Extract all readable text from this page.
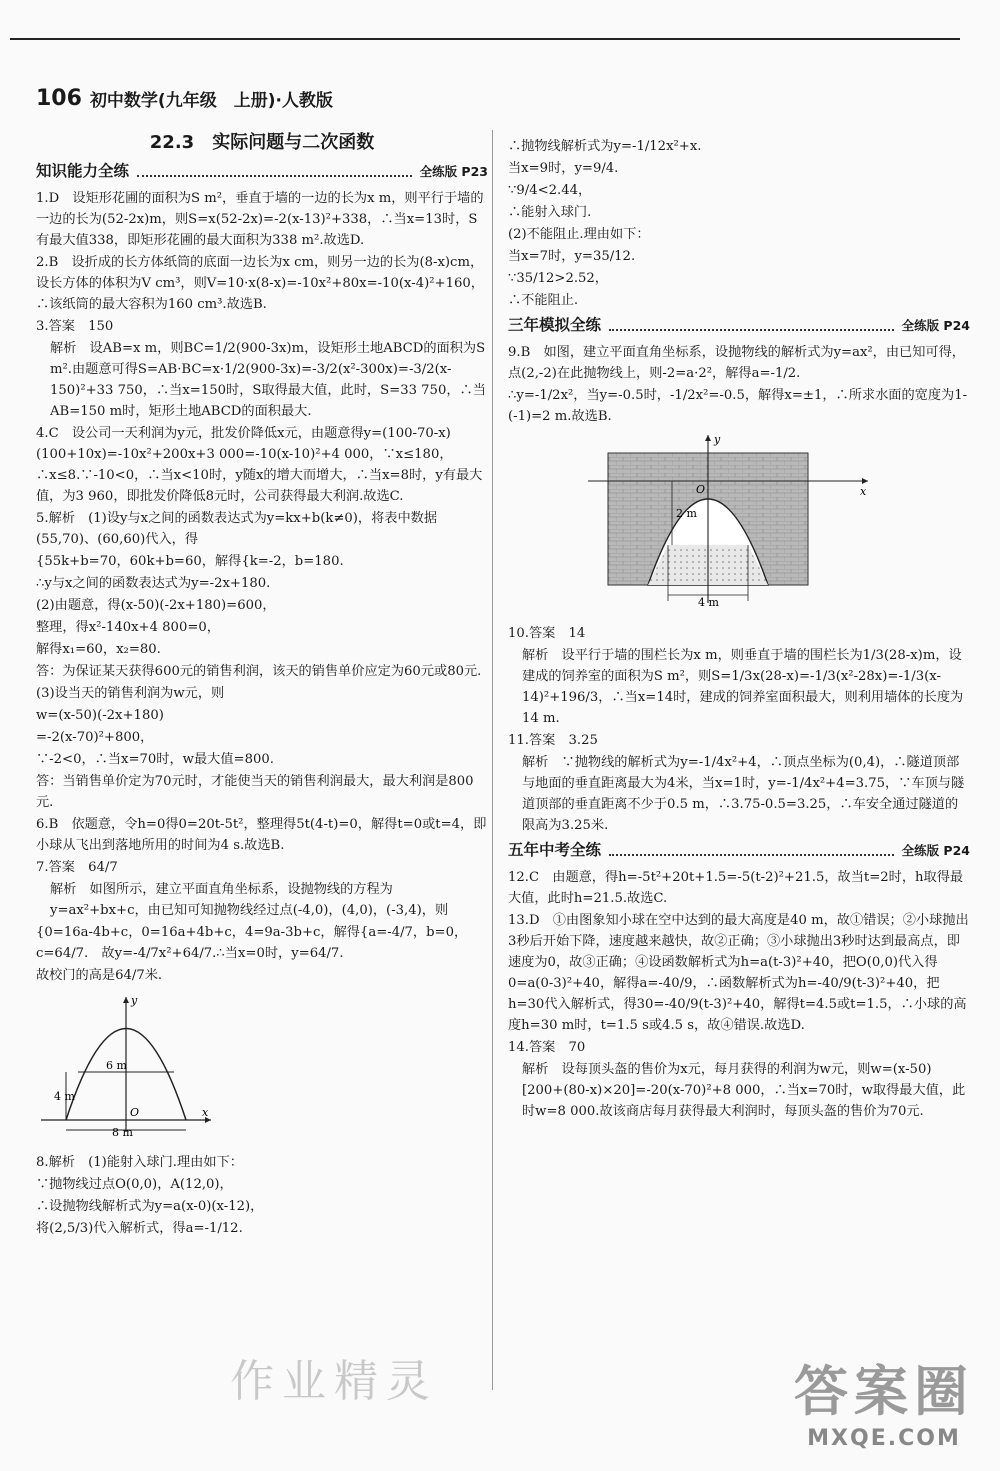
106 初中数学(九年级　上册)·人教版
22.3　实际问题与二次函数
知识能力全练	全练版 P23
1.D　设矩形花圃的面积为S m²，垂直于墙的一边的长为x m，则平行于墙的一边的长为(52-2x)m，则S=x(52-2x)=-2(x-13)²+338，∴当x=13时，S有最大值338，即矩形花圃的最大面积为338 m².故选D.
2.B　设折成的长方体纸筒的底面一边长为x cm，则另一边的长为(8-x)cm，设长方体的体积为V cm³，则V=10·x(8-x)=-10x²+80x=-10(x-4)²+160，∴该纸筒的最大容积为160 cm³.故选B.
3.答案　150
解析　设AB=x m，则BC=1/2(900-3x)m，设矩形土地ABCD的面积为S m².由题意可得S=AB·BC=x·1/2(900-3x)=-3/2(x²-300x)=-3/2(x-150)²+33 750，∴当x=150时，S取得最大值，此时，S=33 750，∴当AB=150 m时，矩形土地ABCD的面积最大.
4.C　设公司一天利润为y元，批发价降低x元，由题意得y=(100-70-x)(100+10x)=-10x²+200x+3 000=-10(x-10)²+4 000，∵x≤180，∴x≤8.∵-10<0，∴当x<10时，y随x的增大而增大，∴当x=8时，y有最大值，为3 960，即批发价降低8元时，公司获得最大利润.故选C.
5.解析　(1)设y与x之间的函数表达式为y=kx+b(k≠0)，将表中数据(55,70)、(60,60)代入，得
{55k+b=70，60k+b=60，解得{k=-2，b=180.
∴y与x之间的函数表达式为y=-2x+180.
(2)由题意，得(x-50)(-2x+180)=600，
整理，得x²-140x+4 800=0，
解得x₁=60，x₂=80.
答：为保证某天获得600元的销售利润，该天的销售单价应定为60元或80元.
(3)设当天的销售利润为w元，则
w=(x-50)(-2x+180)
=-2(x-70)²+800，
∵-2<0，∴当x=70时，w最大值=800.
答：当销售单价定为70元时，才能使当天的销售利润最大，最大利润是800元.
6.B　依题意，令h=0得0=20t-5t²，整理得5t(4-t)=0，解得t=0或t=4，即小球从飞出到落地所用的时间为4 s.故选B.
7.答案　64/7
解析　如图所示，建立平面直角坐标系，设抛物线的方程为y=ax²+bx+c，由已知可知抛物线经过点(-4,0)，(4,0)，(-3,4)，则
{0=16a-4b+c，0=16a+4b+c，4=9a-3b+c，解得{a=-4/7，b=0，c=64/7.　故y=-4/7x²+64/7.∴当x=0时，y=64/7.
故校门的高是64/7米.
4 m
6 m
8 m
O	x
y
8.解析　(1)能射入球门.理由如下：
∵抛物线过点O(0,0)，A(12,0)，
∴设抛物线解析式为y=a(x-0)(x-12)，
将(2,5/3)代入解析式，得a=-1/12.
∴抛物线解析式为y=-1/12x²+x.
当x=9时，y=9/4.
∵9/4<2.44，
∴能射入球门.
(2)不能阻止.理由如下：
当x=7时，y=35/12.
∵35/12>2.52，
∴不能阻止.
三年模拟全练	全练版 P24
9.B　如图，建立平面直角坐标系，设抛物线的解析式为y=ax²，由已知可得，点(2,-2)在此抛物线上，则-2=a·2²，解得a=-1/2.
∴y=-1/2x²，当y=-0.5时，-1/2x²=-0.5，解得x=±1，∴所求水面的宽度为1-(-1)=2 m.故选B.
2 m
4 m
O	x
y
10.答案　14
解析　设平行于墙的围栏长为x m，则垂直于墙的围栏长为1/3(28-x)m，设建成的饲养室的面积为S m²，则S=1/3x(28-x)=-1/3(x²-28x)=-1/3(x-14)²+196/3，∴当x=14时，建成的饲养室面积最大，则利用墙体的长度为14 m.
11.答案　3.25
解析　∵抛物线的解析式为y=-1/4x²+4，∴顶点坐标为(0,4)，∴隧道顶部与地面的垂直距离最大为4米，当x=1时，y=-1/4x²+4=3.75，∵车顶与隧道顶部的垂直距离不少于0.5 m，∴3.75-0.5=3.25，∴车安全通过隧道的限高为3.25米.
五年中考全练	全练版 P24
12.C　由题意，得h=-5t²+20t+1.5=-5(t-2)²+21.5，故当t=2时，h取得最大值，此时h=21.5.故选C.
13.D　①由图象知小球在空中达到的最大高度是40 m，故①错误；②小球抛出3秒后开始下降，速度越来越快，故②正确；③小球抛出3秒时达到最高点，即速度为0，故③正确；④设函数解析式为h=a(t-3)²+40，把O(0,0)代入得0=a(0-3)²+40，解得a=-40/9，∴函数解析式为h=-40/9(t-3)²+40，把h=30代入解析式，得30=-40/9(t-3)²+40，解得t=4.5或t=1.5，∴小球的高度h=30 m时，t=1.5 s或4.5 s，故④错误.故选D.
14.答案　70
解析　设每顶头盔的售价为x元，每月获得的利润为w元，则w=(x-50)[200+(80-x)×20]=-20(x-70)²+8 000，∴当x=70时，w取得最大值，此时w=8 000.故该商店每月获得最大利润时，每顶头盔的售价为70元.
作业精灵	答案圈
MXQE.COM
